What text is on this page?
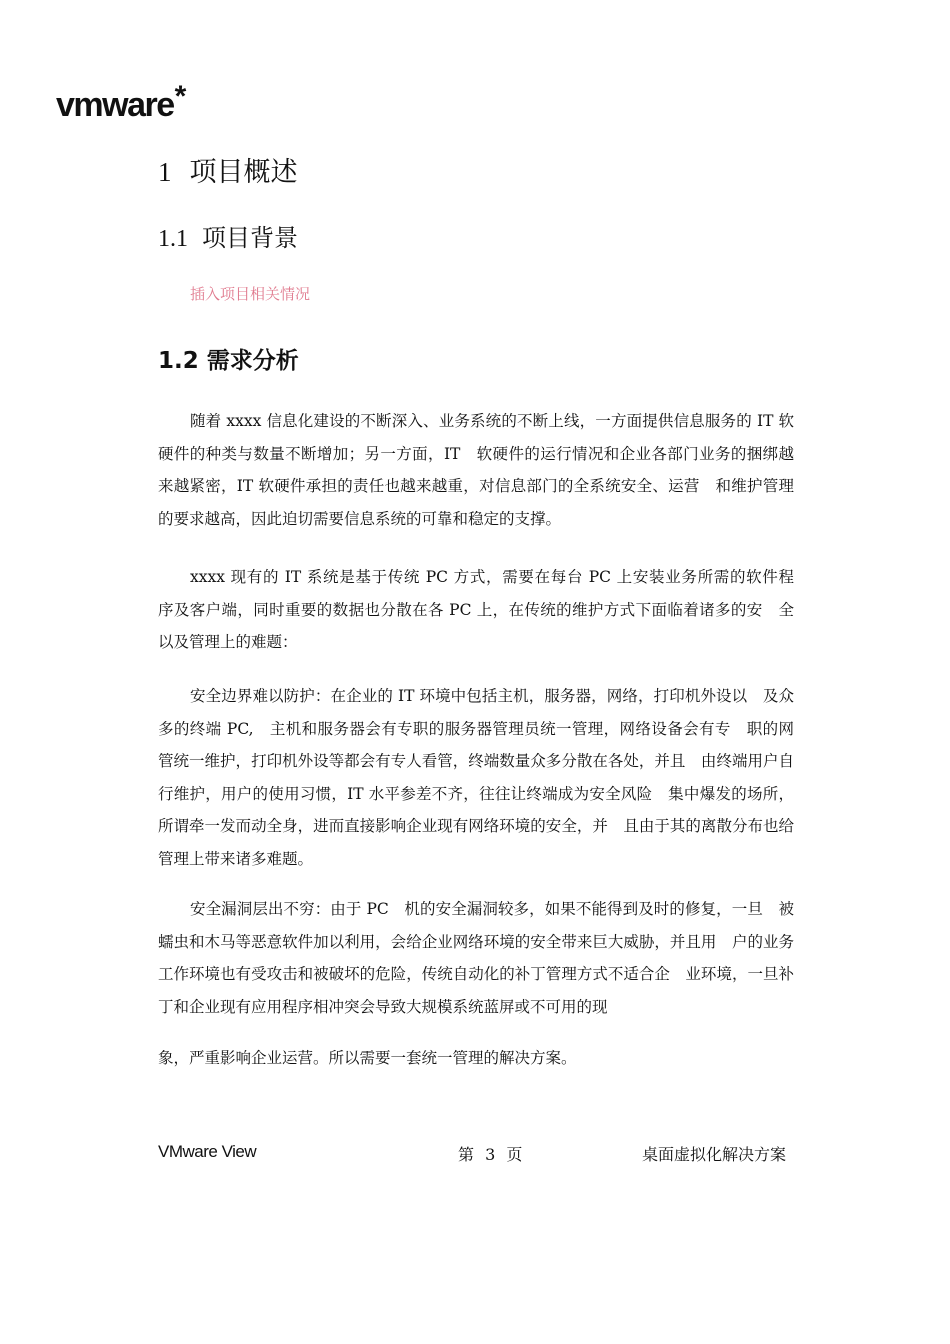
vmware*
1 项目概述
1.1 项目背景
插入项目相关情况
1.2 需求分析

随着 xxxx 信息化建设的不断深入、业务系统的不断上线，一方面提供信息服务的 IT 软硬件的种类与数量不断增加；另一方面，IT　软硬件的运行情况和企业各部门业务的捆绑越来越紧密，IT 软硬件承担的责任也越来越重，对信息部门的全系统安全、运营　和维护管理的要求越高，因此迫切需要信息系统的可靠和稳定的支撑。

xxxx 现有的 IT 系统是基于传统 PC 方式，需要在每台 PC 上安装业务所需的软件程　序及客户端，同时重要的数据也分散在各 PC 上，在传统的维护方式下面临着诸多的安　全以及管理上的难题：

安全边界难以防护：在企业的 IT 环境中包括主机，服务器，网络，打印机外设以　及众多的终端 PC,　主机和服务器会有专职的服务器管理员统一管理，网络设备会有专　职的网管统一维护，打印机外设等都会有专人看管，终端数量众多分散在各处，并且　由终端用户自行维护，用户的使用习惯，IT 水平参差不齐，往往让终端成为安全风险　集中爆发的场所，所谓牵一发而动全身，进而直接影响企业现有网络环境的安全，并　且由于其的离散分布也给管理上带来诸多难题。

安全漏洞层出不穷：由于 PC　机的安全漏洞较多，如果不能得到及时的修复，一旦　被蠕虫和木马等恶意软件加以利用，会给企业网络环境的安全带来巨大威胁，并且用　户的业务工作环境也有受攻击和被破坏的危险，传统自动化的补丁管理方式不适合企　业环境，一旦补丁和企业现有应用程序相冲突会导致大规模系统蓝屏或不可用的现

象，严重影响企业运营。所以需要一套统一管理的解决方案。
VMware View	第 3 页	桌面虚拟化解决方案
